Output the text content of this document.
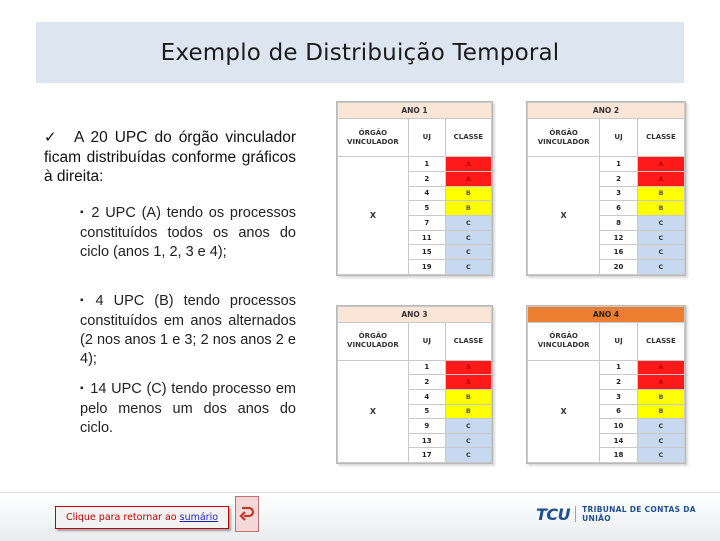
Exemplo de Distribuição Temporal
✓ A 20 UPC do órgão vinculador ficam distribuídas conforme gráficos à direita:
▪ 2 UPC (A) tendo os processos constituídos todos os anos do ciclo (anos 1, 2, 3 e 4);
▪ 4 UPC (B) tendo processos constituídos em anos alternados (2 nos anos 1 e 3; 2 nos anos 2 e 4);
▪ 14 UPC (C) tendo processo em pelo menos um dos anos do ciclo.
ANO 1		
ÓRGÃO VINCULADOR	UJ	CLASSE
X	1	A
	2	A
	4	B
	5	B
	7	C
	11	C
	15	C
	19	C
ANO 2		
ÓRGÃO VINCULADOR	UJ	CLASSE
X	1	A
	2	A
	3	B
	6	B
	8	C
	12	C
	16	C
	20	C
ANO 3		
ÓRGÃO VINCULADOR	UJ	CLASSE
X	1	A
	2	A
	4	B
	5	B
	9	C
	13	C
	17	C
ANO 4		
ÓRGÃO VINCULADOR	UJ	CLASSE
X	1	A
	2	A
	3	B
	6	B
	10	C
	14	C
	18	C
Clique para retornar ao sumário	TCU TRIBUNAL DE CONTAS DA UNIÃO
